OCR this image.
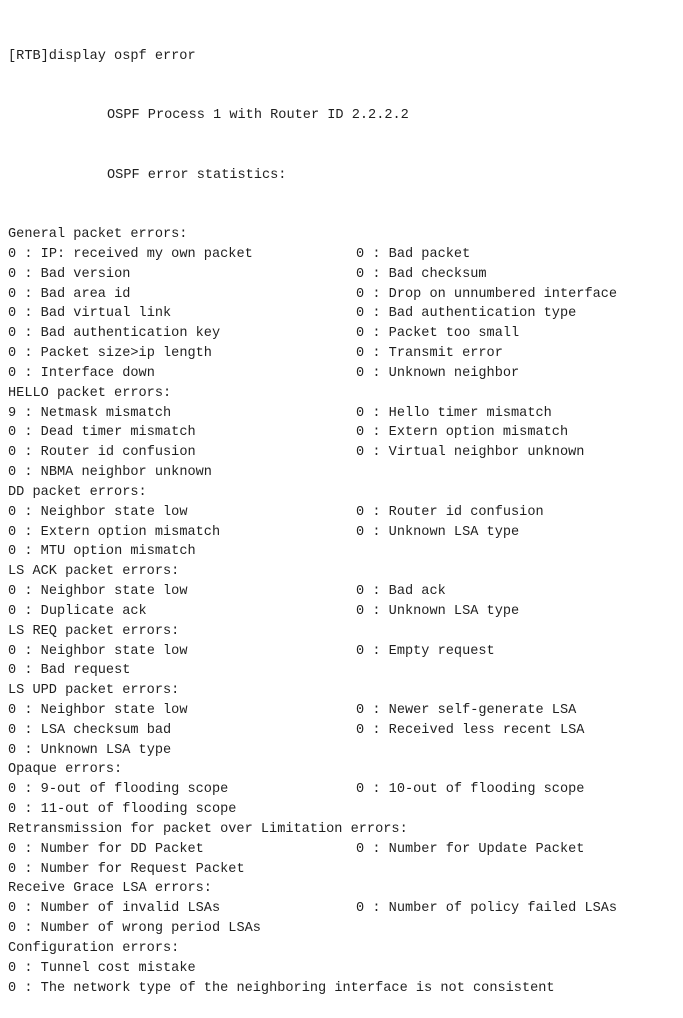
[RTB]display ospf error

OSPF Process 1 with Router ID 2.2.2.2

OSPF error statistics:

General packet errors:
0 : IP: received my own packet	0 : Bad packet
0 : Bad version	0 : Bad checksum
0 : Bad area id	0 : Drop on unnumbered interface
0 : Bad virtual link	0 : Bad authentication type
0 : Bad authentication key	0 : Packet too small
0 : Packet size>ip length	0 : Transmit error
0 : Interface down	0 : Unknown neighbor
HELLO packet errors:
9 : Netmask mismatch	0 : Hello timer mismatch
0 : Dead timer mismatch	0 : Extern option mismatch
0 : Router id confusion	0 : Virtual neighbor unknown
0 : NBMA neighbor unknown
DD packet errors:
0 : Neighbor state low	0 : Router id confusion
0 : Extern option mismatch	0 : Unknown LSA type
0 : MTU option mismatch
LS ACK packet errors:
0 : Neighbor state low	0 : Bad ack
0 : Duplicate ack	0 : Unknown LSA type
LS REQ packet errors:
0 : Neighbor state low	0 : Empty request
0 : Bad request
LS UPD packet errors:
0 : Neighbor state low	0 : Newer self-generate LSA
0 : LSA checksum bad	0 : Received less recent LSA
0 : Unknown LSA type
Opaque errors:
0 : 9-out of flooding scope	0 : 10-out of flooding scope
0 : 11-out of flooding scope
Retransmission for packet over Limitation errors:
0 : Number for DD Packet	0 : Number for Update Packet
0 : Number for Request Packet
Receive Grace LSA errors:
0 : Number of invalid LSAs	0 : Number of policy failed LSAs
0 : Number of wrong period LSAs
Configuration errors:
0 : Tunnel cost mistake
0 : The network type of the neighboring interface is not consistent
